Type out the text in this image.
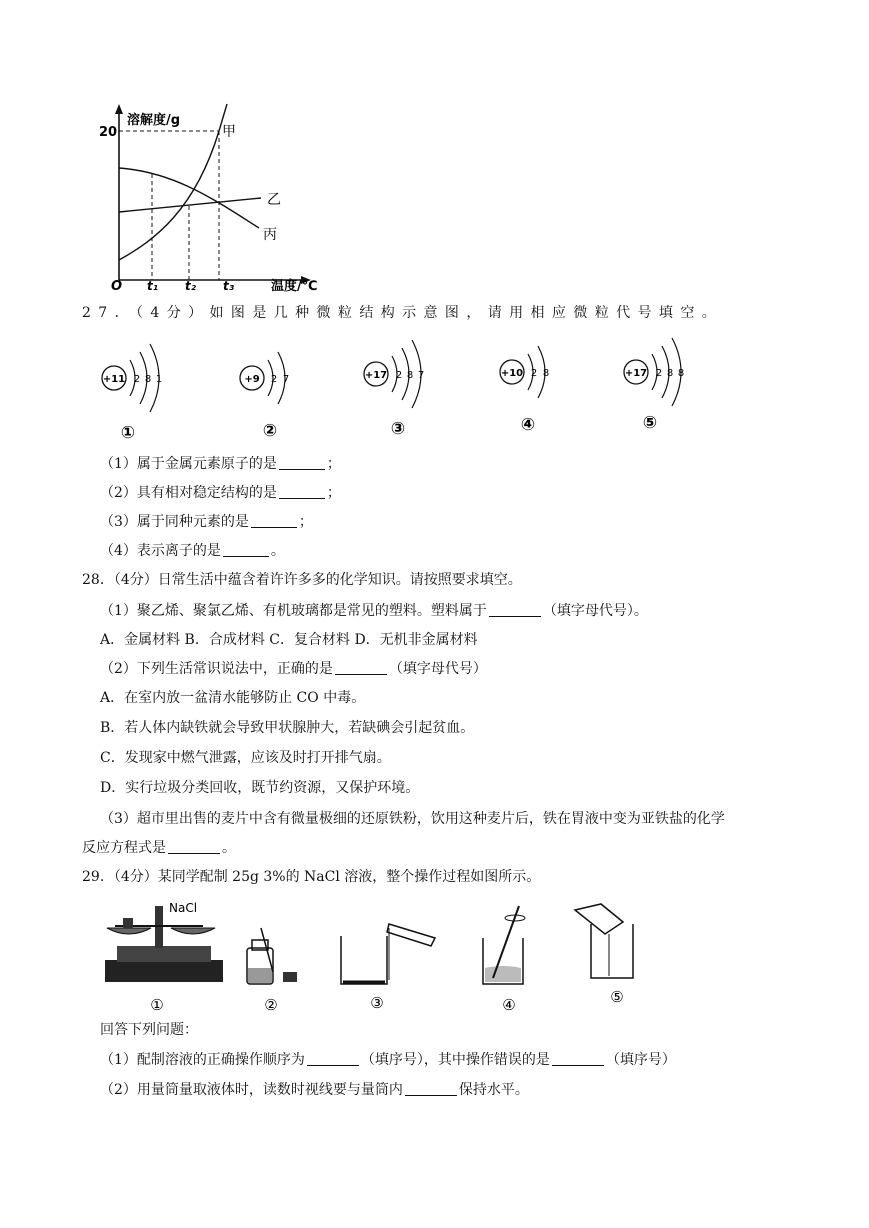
溶解度/g
20
O t₁ t₂ t₃	温度/℃
甲
乙
丙
27．（4分）如图是几种微粒结构示意图，请用相应微粒代号填空。
+11 2 8 1
①
+9 2 7
②
+17 2 8 7
③
+10 2 8
④
+17 2 8 8
⑤
（1）属于金属元素原子的是	；
（2）具有相对稳定结构的是	；
（3）属于同种元素的是	；
（4）表示离子的是	。
28．（4分）日常生活中蕴含着许许多多的化学知识。请按照要求填空。
（1）聚乙烯、聚氯乙烯、有机玻璃都是常见的塑料。塑料属于	（填字母代号）。
A．金属材料 B．合成材料 C．复合材料 D．无机非金属材料
（2）下列生活常识说法中，正确的是	（填字母代号）
A．在室内放一盆清水能够防止 CO 中毒。
B．若人体内缺铁就会导致甲状腺肿大，若缺碘会引起贫血。
C．发现家中燃气泄露，应该及时打开排气扇。
D．实行垃圾分类回收，既节约资源，又保护环境。
（3）超市里出售的麦片中含有微量极细的还原铁粉，饮用这种麦片后，铁在胃液中变为亚铁盐的化学
反应方程式是	。
29．（4分）某同学配制 25g 3%的 NaCl 溶液，整个操作过程如图所示。
NaCl
①	②	③	④	⑤
回答下列问题：
（1）配制溶液的正确操作顺序为	（填序号），其中操作错误的是	（填序号）
（2）用量筒量取液体时，读数时视线要与量筒内	保持水平。
